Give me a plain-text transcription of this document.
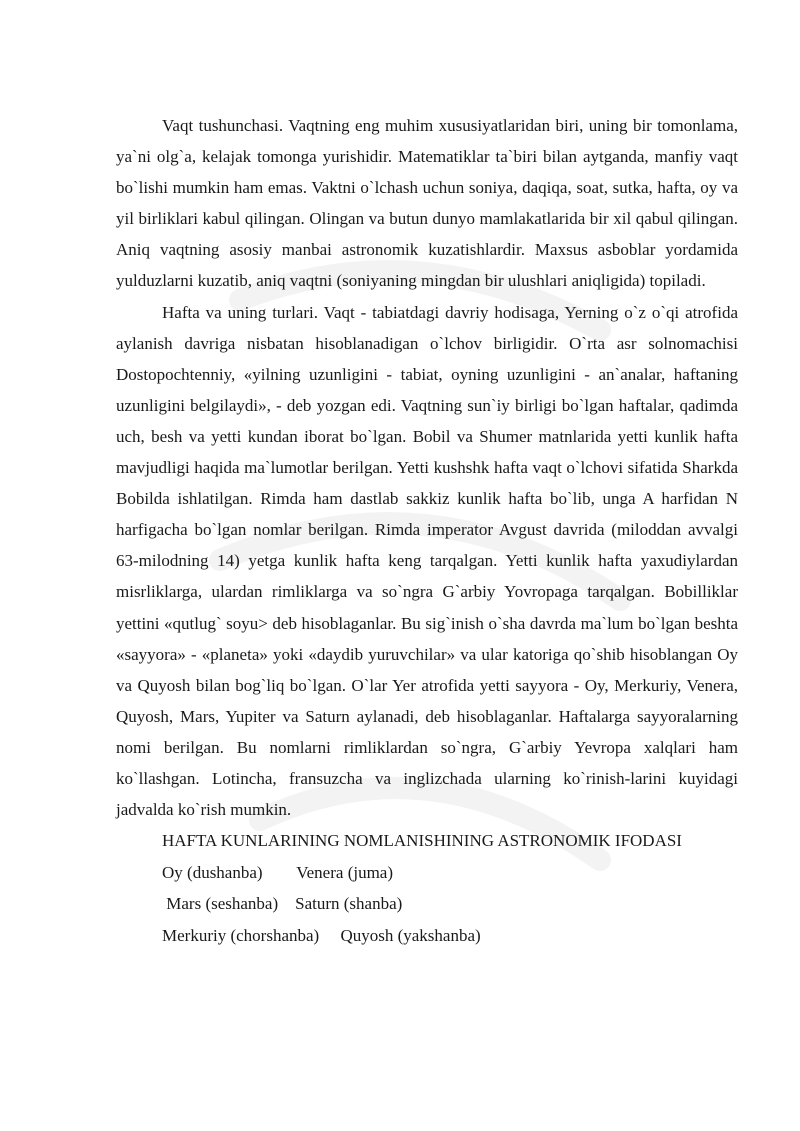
Vaqt tushunchasi. Vaqtning eng muhim xususiyatlaridan biri, uning bir tomonlama, ya`ni olg`a, kelajak tomonga yurishidir. Matematiklar ta`biri bilan aytganda, manfiy vaqt bo`lishi mumkin ham emas. Vaktni o`lchash uchun soniya, daqiqa, soat, sutka, hafta, oy va yil birliklari kabul qilingan. Olingan va butun dunyo mamlakatlarida bir xil qabul qilingan. Aniq vaqtning asosiy manbai astronomik kuzatishlardir. Maxsus asboblar yordamida yulduzlarni kuzatib, aniq vaqtni (soniyaning mingdan bir ulushlari aniqligida) topiladi.

Hafta va uning turlari. Vaqt - tabiatdagi davriy hodisaga, Yerning o`z o`qi atrofida aylanish davriga nisbatan hisoblanadigan o`lchov birligidir. O`rta asr solnomachisi Dostopochtenniy, «yilning uzunligini - tabiat, oyning uzunligini - an`analar, haftaning uzunligini belgilaydi», - deb yozgan edi. Vaqtning sun`iy birligi bo`lgan haftalar, qadimda uch, besh va yetti kundan iborat bo`lgan. Bobil va Shumer matnlarida yetti kunlik hafta mavjudligi haqida ma`lumotlar berilgan. Yetti kushshk hafta vaqt o`lchovi sifatida Sharkda Bobilda ishlatilgan. Rimda ham dastlab sakkiz kunlik hafta bo`lib, unga A harfidan N harfigacha bo`lgan nomlar berilgan. Rimda imperator Avgust davrida (miloddan avvalgi 63-milodning 14) yetga kunlik hafta keng tarqalgan. Yetti kunlik hafta yaxudiylardan misrliklarga, ulardan rimliklarga va so`ngra G`arbiy Yovropaga tarqalgan. Bobilliklar yettini «qutlug` soyu> deb hisoblaganlar. Bu sig`inish o`sha davrda ma`lum bo`lgan beshta «sayyora» - «planeta» yoki «daydib yuruvchilar» va ular katoriga qo`shib hisoblangan Oy va Quyosh bilan bog`liq bo`lgan. O`lar Yer atrofida yetti sayyora - Oy, Merkuriy, Venera, Quyosh, Mars, Yupiter va Saturn aylanadi, deb hisoblaganlar. Haftalarga sayyoralarning nomi berilgan. Bu nomlarni rimliklardan so`ngra, G`arbiy Yevropa xalqlari ham ko`llashgan. Lotincha, fransuzcha va inglizchada ularning ko`rinish-larini kuyidagi jadvalda ko`rish mumkin.

HAFTA KUNLARINING NOMLANISHINING ASTRONOMIK IFODASI
Oy (dushanba)        Venera (juma)
Mars (seshanba)    Saturn (shanba)
Merkuriy (chorshanba)     Quyosh (yakshanba)
